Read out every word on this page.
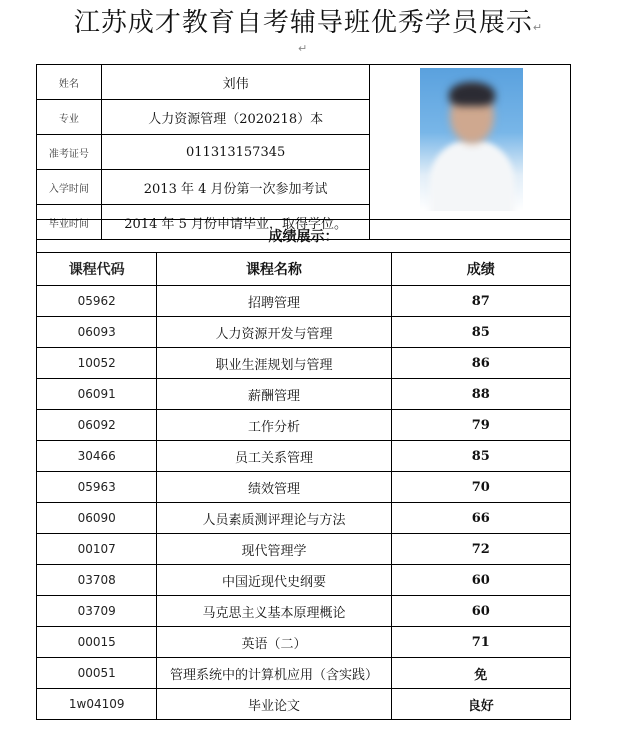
江苏成才教育自考辅导班优秀学员展示↵
↵
姓名	刘伟	

专业	人力资源管理（2020218）本	
准考证号	011313157345	
入学时间	2013 年 4 月份第一次参加考试	
毕业时间	2014 年 5 月份申请毕业，取得学位。	
成绩展示：		
课程代码	课程名称	成绩
05962	招聘管理	87
06093	人力资源开发与管理	85
10052	职业生涯规划与管理	86
06091	薪酬管理	88
06092	工作分析	79
30466	员工关系管理	85
05963	绩效管理	70
06090	人员素质测评理论与方法	66
00107	现代管理学	72
03708	中国近现代史纲要	60
03709	马克思主义基本原理概论	60
00015	英语（二）	71
00051	管理系统中的计算机应用（含实践）	免
1w04109	毕业论文	良好
